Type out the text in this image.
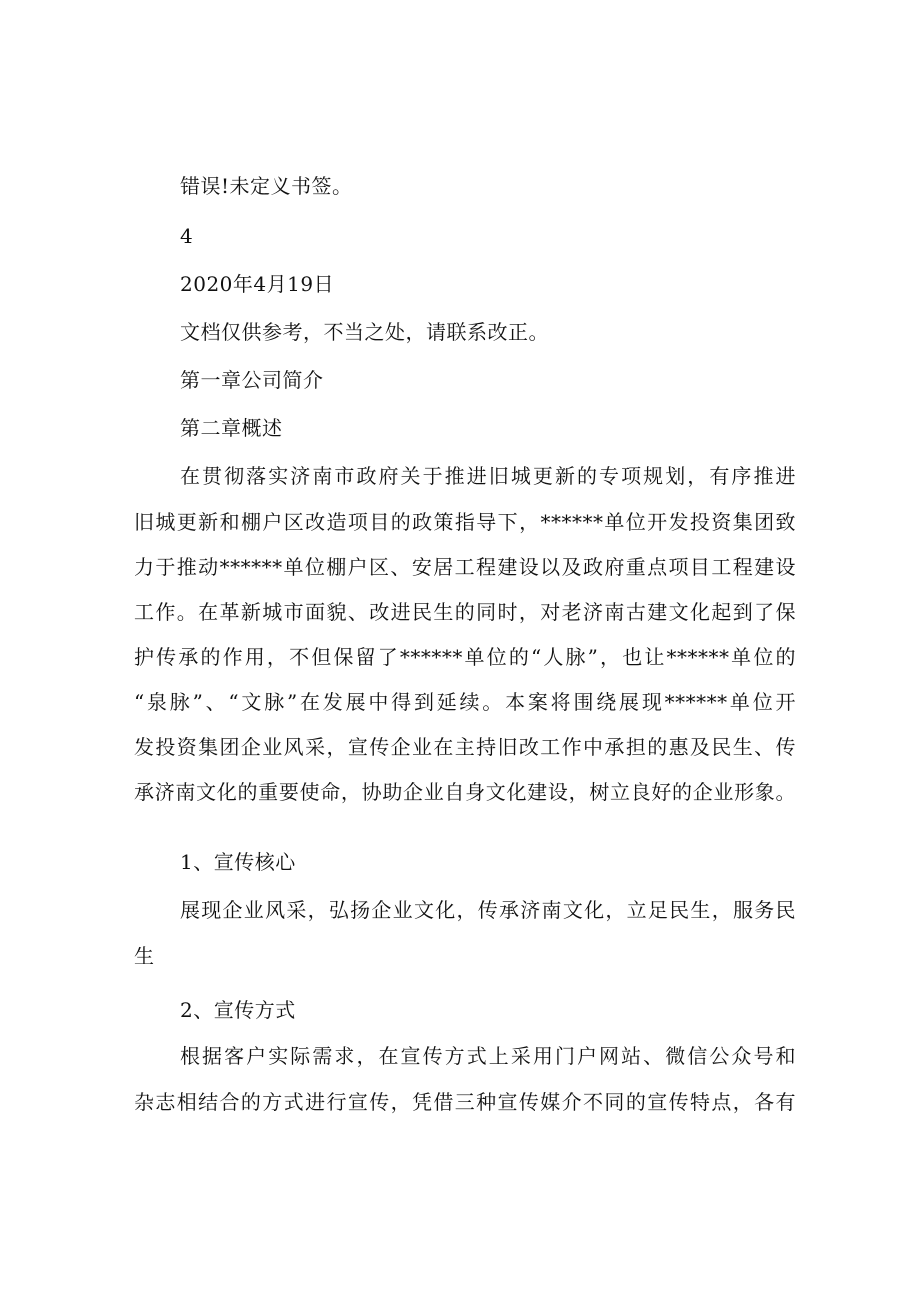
错误!未定义书签。
4
2020年4月19日
文档仅供参考，不当之处，请联系改正。
第一章公司简介
第二章概述
在贯彻落实济南市政府关于推进旧城更新的专项规划，有序推进
旧城更新和棚户区改造项目的政策指导下，******单位开发投资集团致
力于推动******单位棚户区、安居工程建设以及政府重点项目工程建设
工作。在革新城市面貌、改进民生的同时，对老济南古建文化起到了保
护传承的作用，不但保留了******单位的“人脉”，也让******单位的
“泉脉”、“文脉”在发展中得到延续。本案将围绕展现******单位开
发投资集团企业风采，宣传企业在主持旧改工作中承担的惠及民生、传
承济南文化的重要使命，协助企业自身文化建设，树立良好的企业形象。
1、宣传核心
展现企业风采，弘扬企业文化，传承济南文化，立足民生，服务民
生
2、宣传方式
根据客户实际需求，在宣传方式上采用门户网站、微信公众号和
杂志相结合的方式进行宣传，凭借三种宣传媒介不同的宣传特点，各有
